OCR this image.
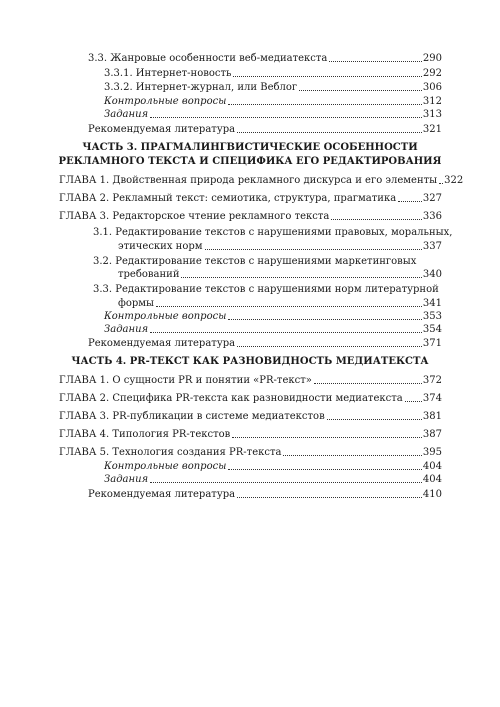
3.3. Жанровые особенности веб-медиатекста	290
3.3.1. Интернет-новость	292
3.3.2. Интернет-журнал, или Веблог	306
Контрольные вопросы	312
Задания	313
Рекомендуемая литература	321
ЧАСТЬ 3. ПРАГМАЛИНГВИСТИЧЕСКИЕ ОСОБЕННОСТИ
РЕКЛАМНОГО ТЕКСТА И СПЕЦИФИКА ЕГО РЕДАКТИРОВАНИЯ
ГЛАВА 1. Двойственная природа рекламного дискурса и его элементы 322
ГЛАВА 2. Рекламный текст: семиотика, структура, прагматика	327
ГЛАВА 3. Редакторское чтение рекламного текста	336
3.1. Редактирование текстов с нарушениями правовых, моральных,
этических норм	337
3.2. Редактирование текстов с нарушениями маркетинговых
требований	340
3.3. Редактирование текстов с нарушениями норм литературной
формы	341
Контрольные вопросы	353
Задания	354
Рекомендуемая литература	371
ЧАСТЬ 4. PR-ТЕКСТ КАК РАЗНОВИДНОСТЬ МЕДИАТЕКСТА
ГЛАВА 1. О сущности PR и понятии «PR-текст»	372
ГЛАВА 2. Специфика PR-текста как разновидности медиатекста 374
ГЛАВА 3. PR-публикации в системе медиатекстов	381
ГЛАВА 4. Типология PR-текстов	387
ГЛАВА 5. Технология создания PR-текста	395
Контрольные вопросы	404
Задания	404
Рекомендуемая литература	410
